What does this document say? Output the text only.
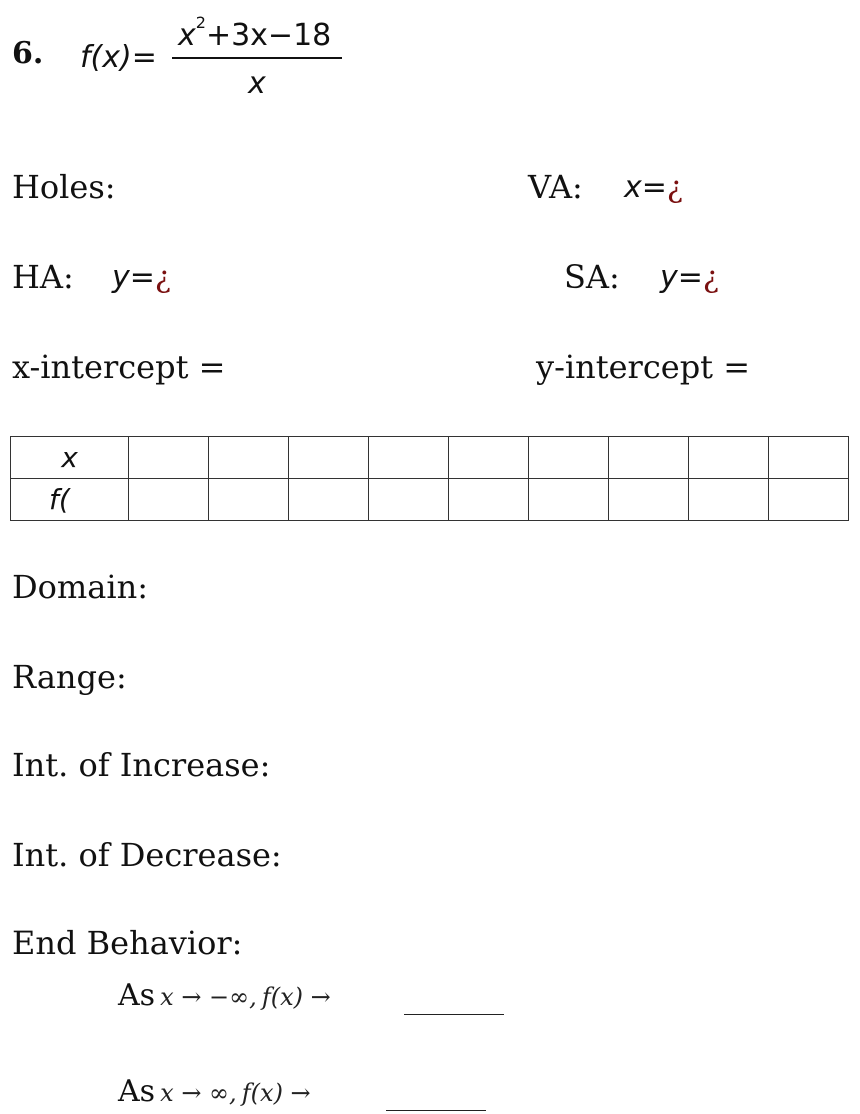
6. f(x)=
$x^2+3x-18$
x
Holes:	VA: x=¿
HA: y=¿	SA: y=¿
x-intercept =	y-intercept =
x									
f(									
Domain:
Range:
Int. of Increase:
Int. of Decrease:
End Behavior:
As x → −∞, f(x) →
As x → ∞, f(x) →
